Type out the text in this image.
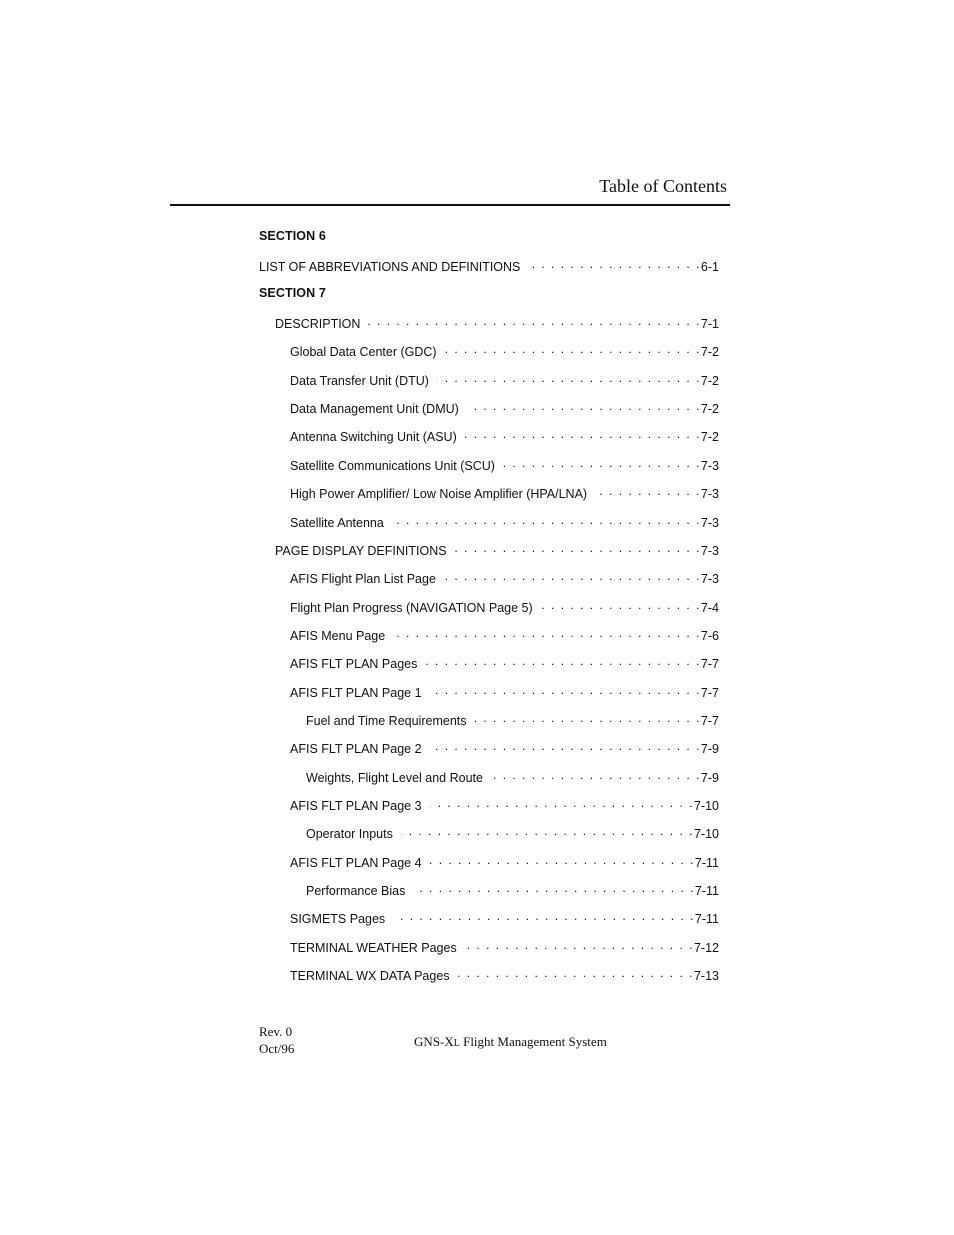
Table of Contents
SECTION 6
LIST OF ABBREVIATIONS AND DEFINITIONS . . .	6-1
SECTION 7
DESCRIPTION . . .	7-1
Global Data Center (GDC) . . .	7-2
Data Transfer Unit (DTU) . . .	7-2
Data Management Unit (DMU) . . .	7-2
Antenna Switching Unit (ASU) . . .	7-2
Satellite Communications Unit (SCU) . . .	7-3
High Power Amplifier/ Low Noise Amplifier (HPA/LNA) . . .	7-3
Satellite Antenna . . .	7-3
PAGE DISPLAY DEFINITIONS . . .	7-3
AFIS Flight Plan List Page . . .	7-3
Flight Plan Progress (NAVIGATION Page 5) . . .	7-4
AFIS Menu Page . . .	7-6
AFIS FLT PLAN Pages . . .	7-7
AFIS FLT PLAN Page 1 . . .	7-7
Fuel and Time Requirements . . .	7-7
AFIS FLT PLAN Page 2 . . .	7-9
Weights, Flight Level and Route . . .	7-9
AFIS FLT PLAN Page 3 . . .	7-10
Operator Inputs . . .	7-10
AFIS FLT PLAN Page 4 . . .	7-11
Performance Bias . . .	7-11
SIGMETS Pages . . .	7-11
TERMINAL WEATHER Pages . . .	7-12
TERMINAL WX DATA Pages . . .	7-13
Rev. 0
Oct/96	GNS-XL Flight Management System
